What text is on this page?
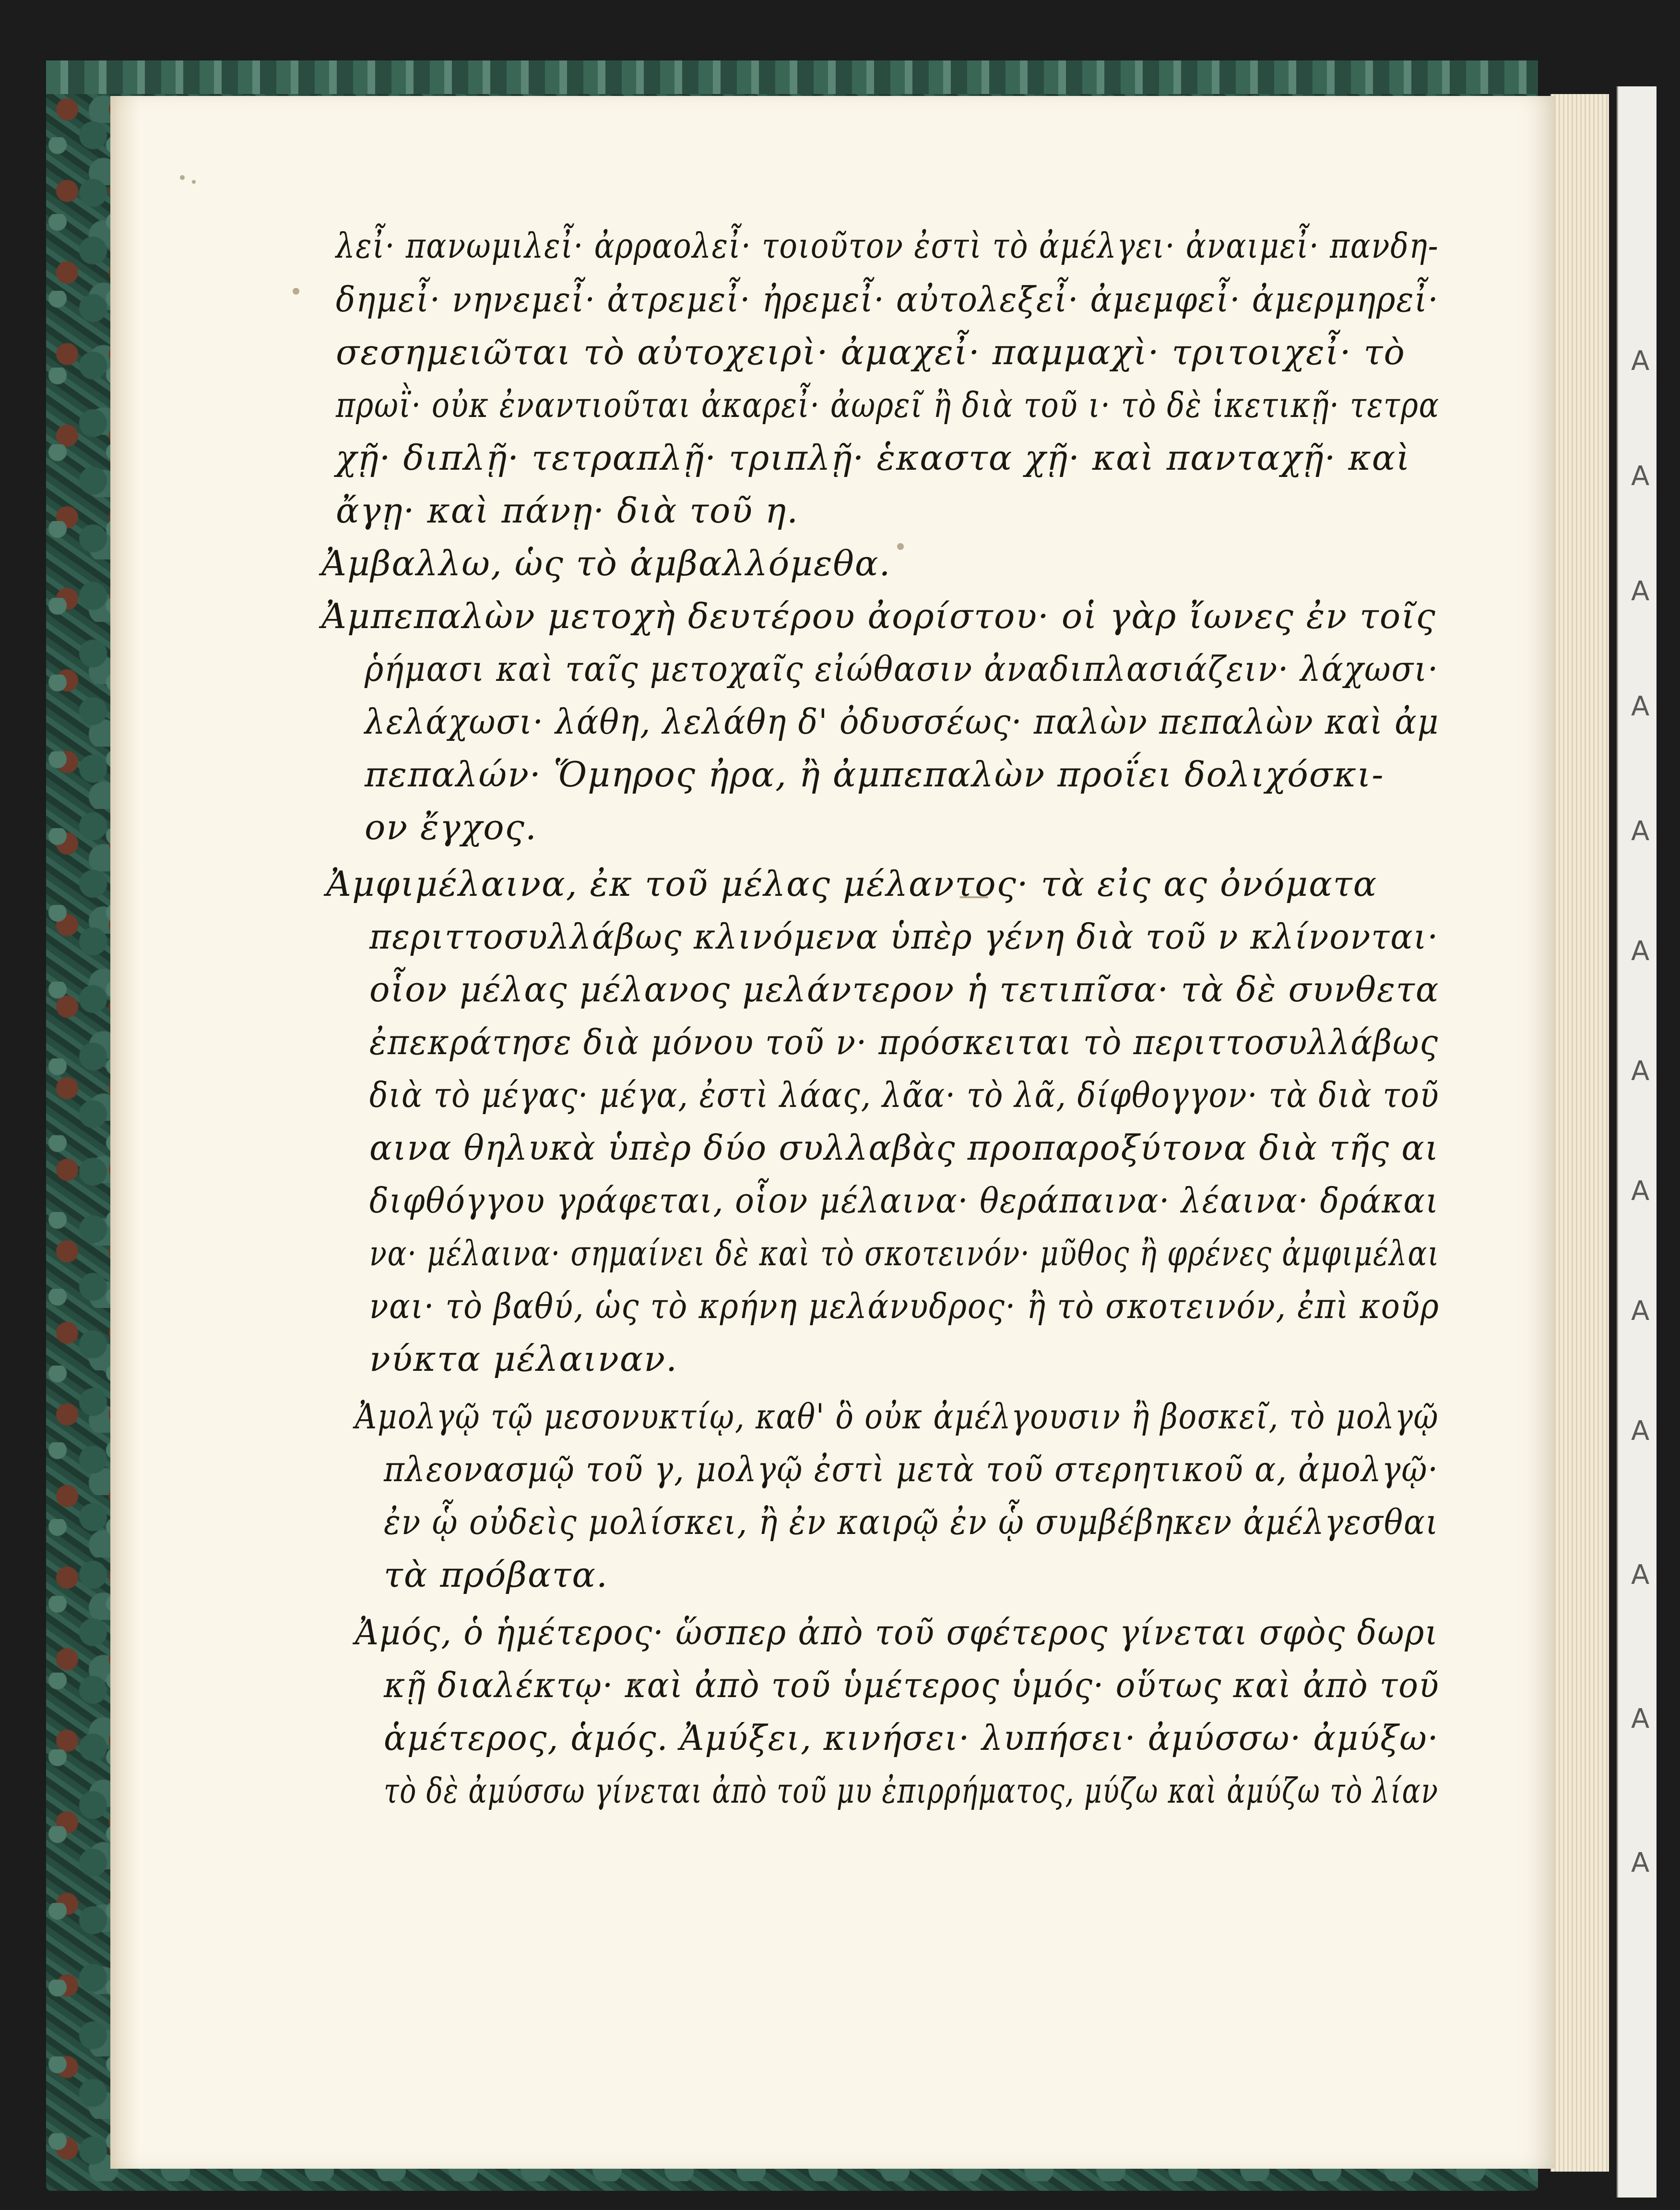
Α
Α
Α
Α
Α
Α
Α
Α
Α
Α
Α
Α
Α
λεἶ· πανωμιλεἶ· ἀρραολεἶ· τοιοῦτον ἐστὶ τὸ ἀμέλγει· ἀναιμεἶ· πανδη-
δημεἶ· νηνεμεἶ· ἀτρεμεἶ· ἠρεμεἶ· αὐτολεξεἶ· ἀμεμφεἶ· ἀμερμηρεἶ·
σεσημειῶται τὸ αὐτοχειρὶ· ἀμαχεἶ· παμμαχὶ· τριτοιχεἶ· τὸ
πρωῒ· οὐκ ἐναντιοῦται ἀκαρεἶ· ἀωρεῖ ἢ διὰ τοῦ ι· τὸ δὲ ἱκετικῇ· τετρα
χῇ· διπλῇ· τετραπλῇ· τριπλῇ· ἑκαστα χῇ· καὶ πανταχῇ· καὶ
ἄγῃ· καὶ πάνῃ· διὰ τοῦ η.
Ἀμβαλλω, ὡς τὸ ἀμβαλλόμεθα.
Ἀμπεπαλὼν μετοχὴ δευτέρου ἀορίστου· οἱ γὰρ ἴωνες ἐν τοῖς
ῥήμασι καὶ ταῖς μετοχαῖς εἰώθασιν ἀναδιπλασιάζειν· λάχωσι·
λελάχωσι· λάθη, λελάθη δ' ὀδυσσέως· παλὼν πεπαλὼν καὶ ἀμ
πεπαλών· Ὅμηρος ἠρα, ἢ ἀμπεπαλὼν προΐει δολιχόσκι-
ον ἔγχος.
Ἀμφιμέλαινα, ἐκ τοῦ μέλας μέλαντος· τὰ εἰς ας ὀνόματα
περιττοσυλλάβως κλινόμενα ὑπὲρ γένη διὰ τοῦ ν κλίνονται·
οἷον μέλας μέλανος μελάντερον ἡ τετιπῖσα· τὰ δὲ συνθετα
ἐπεκράτησε διὰ μόνου τοῦ ν· πρόσκειται τὸ περιττοσυλλάβως
διὰ τὸ μέγας· μέγα, ἐστὶ λάας, λᾶα· τὸ λᾶ, δίφθογγον· τὰ διὰ τοῦ
αινα θηλυκὰ ὑπὲρ δύο συλλαβὰς προπαροξύτονα διὰ τῆς αι
διφθόγγου γράφεται, οἷον μέλαινα· θεράπαινα· λέαινα· δράκαι
να· μέλαινα· σημαίνει δὲ καὶ τὸ σκοτεινόν· μῦθος ἢ φρένες ἀμφιμέλαι
ναι· τὸ βαθύ, ὡς τὸ κρήνη μελάνυδρος· ἢ τὸ σκοτεινόν, ἐπὶ κοῦρ
νύκτα μέλαιναν.
Ἀμολγῷ τῷ μεσονυκτίῳ, καθ' ὃ οὐκ ἀμέλγουσιν ἢ βοσκεῖ, τὸ μολγῷ
πλεονασμῷ τοῦ γ, μολγῷ ἐστὶ μετὰ τοῦ στερητικοῦ α, ἀμολγῷ·
ἐν ᾧ οὐδεὶς μολίσκει, ἢ ἐν καιρῷ ἐν ᾧ συμβέβηκεν ἀμέλγεσθαι
τὰ πρόβατα.
Ἀμός, ὁ ἡμέτερος· ὥσπερ ἀπὸ τοῦ σφέτερος γίνεται σφὸς δωρι
κῇ διαλέκτῳ· καὶ ἀπὸ τοῦ ὑμέτερος ὑμός· οὕτως καὶ ἀπὸ τοῦ
ἁμέτερος, ἁμός. Ἀμύξει, κινήσει· λυπήσει· ἀμύσσω· ἀμύξω·
τὸ δὲ ἀμύσσω γίνεται ἀπὸ τοῦ μυ ἐπιρρήματος, μύζω καὶ ἀμύζω τὸ λίαν
